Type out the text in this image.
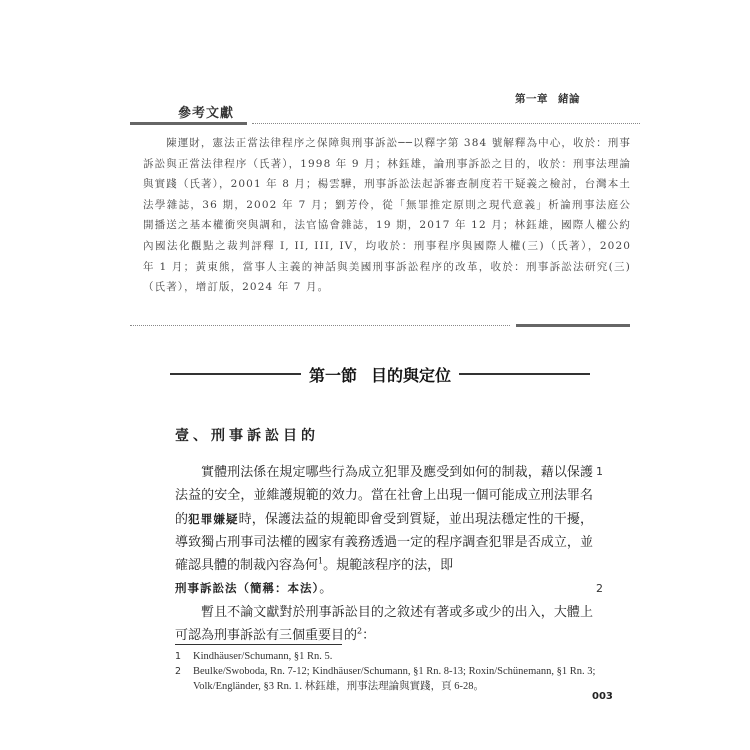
第一章 緒論
參考文獻

陳運財，憲法正當法律程序之保障與刑事訴訟──以釋字第 384 號解釋為中心，收於：刑事訴訟與正當法律程序（氏著），1998 年 9 月；林鈺雄，論刑事訴訟之目的，收於：刑事法理論與實踐（氏著），2001 年 8 月；楊雲驊，刑事訴訟法起訴審查制度若干疑義之檢討，台灣本土法學雜誌，36 期，2002 年 7 月；劉芳伶，從「無罪推定原則之現代意義」析論刑事法庭公開播送之基本權衝突與調和，法官協會雜誌，19 期，2017 年 12 月；林鈺雄，國際人權公約內國法化觀點之裁判評釋 I, II, III, IV，均收於：刑事程序與國際人權(三)（氏著），2020 年 1 月；黃東熊，當事人主義的神話與美國刑事訴訟程序的改革，收於：刑事訴訟法研究(三)（氏著），增訂版，2024 年 7 月。

第一節 目的與定位
壹、刑事訴訟目的

實體刑法係在規定哪些行為成立犯罪及應受到如何的制裁，藉以保護法益的安全，並維護規範的效力。當在社會上出現一個可能成立刑法罪名的犯罪嫌疑時，保護法益的規範即會受到質疑，並出現法穩定性的干擾，導致獨占刑事司法權的國家有義務透過一定的程序調查犯罪是否成立，並確認具體的制裁內容為何$^1$。規範該程序的法，即
刑事訴訟法（簡稱：本法）。

暫且不論文獻對於刑事訴訟目的之敘述有著或多或少的出入，大體上可認為刑事訴訟有三個重要目的$^2$：

1
2
1	Kindhäuser/Schumann, §1 Rn. 5.
2	Beulke/Swoboda, Rn. 7-12; Kindhäuser/Schumann, §1 Rn. 8-13; Roxin/Schünemann, §1 Rn. 3; Volk/Engländer, §3 Rn. 1. 林鈺雄，刑事法理論與實踐，頁 6-28。
003
